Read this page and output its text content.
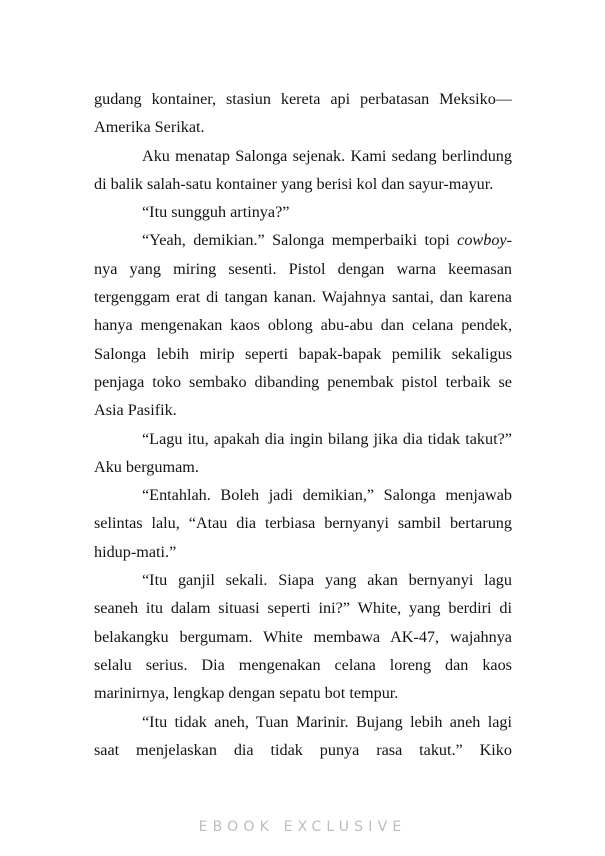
gudang kontainer, stasiun kereta api perbatasan Meksiko—Amerika Serikat.

Aku menatap Salonga sejenak. Kami sedang berlindung di balik salah-satu kontainer yang berisi kol dan sayur-mayur.

“Itu sungguh artinya?”

“Yeah, demikian.” Salonga memperbaiki topi cowboy-nya yang miring sesenti. Pistol dengan warna keemasan tergenggam erat di tangan kanan. Wajahnya santai, dan karena hanya mengenakan kaos oblong abu-abu dan celana pendek, Salonga lebih mirip seperti bapak-bapak pemilik sekaligus penjaga toko sembako dibanding penembak pistol terbaik se Asia Pasifik.

“Lagu itu, apakah dia ingin bilang jika dia tidak takut?” Aku bergumam.

“Entahlah. Boleh jadi demikian,” Salonga menjawab selintas lalu, “Atau dia terbiasa bernyanyi sambil bertarung hidup-mati.”

“Itu ganjil sekali. Siapa yang akan bernyanyi lagu seaneh itu dalam situasi seperti ini?” White, yang berdiri di belakangku bergumam. White membawa AK-47, wajahnya selalu serius. Dia mengenakan celana loreng dan kaos marinirnya, lengkap dengan sepatu bot tempur.

“Itu tidak aneh, Tuan Marinir. Bujang lebih aneh lagi saat menjelaskan dia tidak punya rasa takut.” Kiko

EBOOK EXCLUSIVE
